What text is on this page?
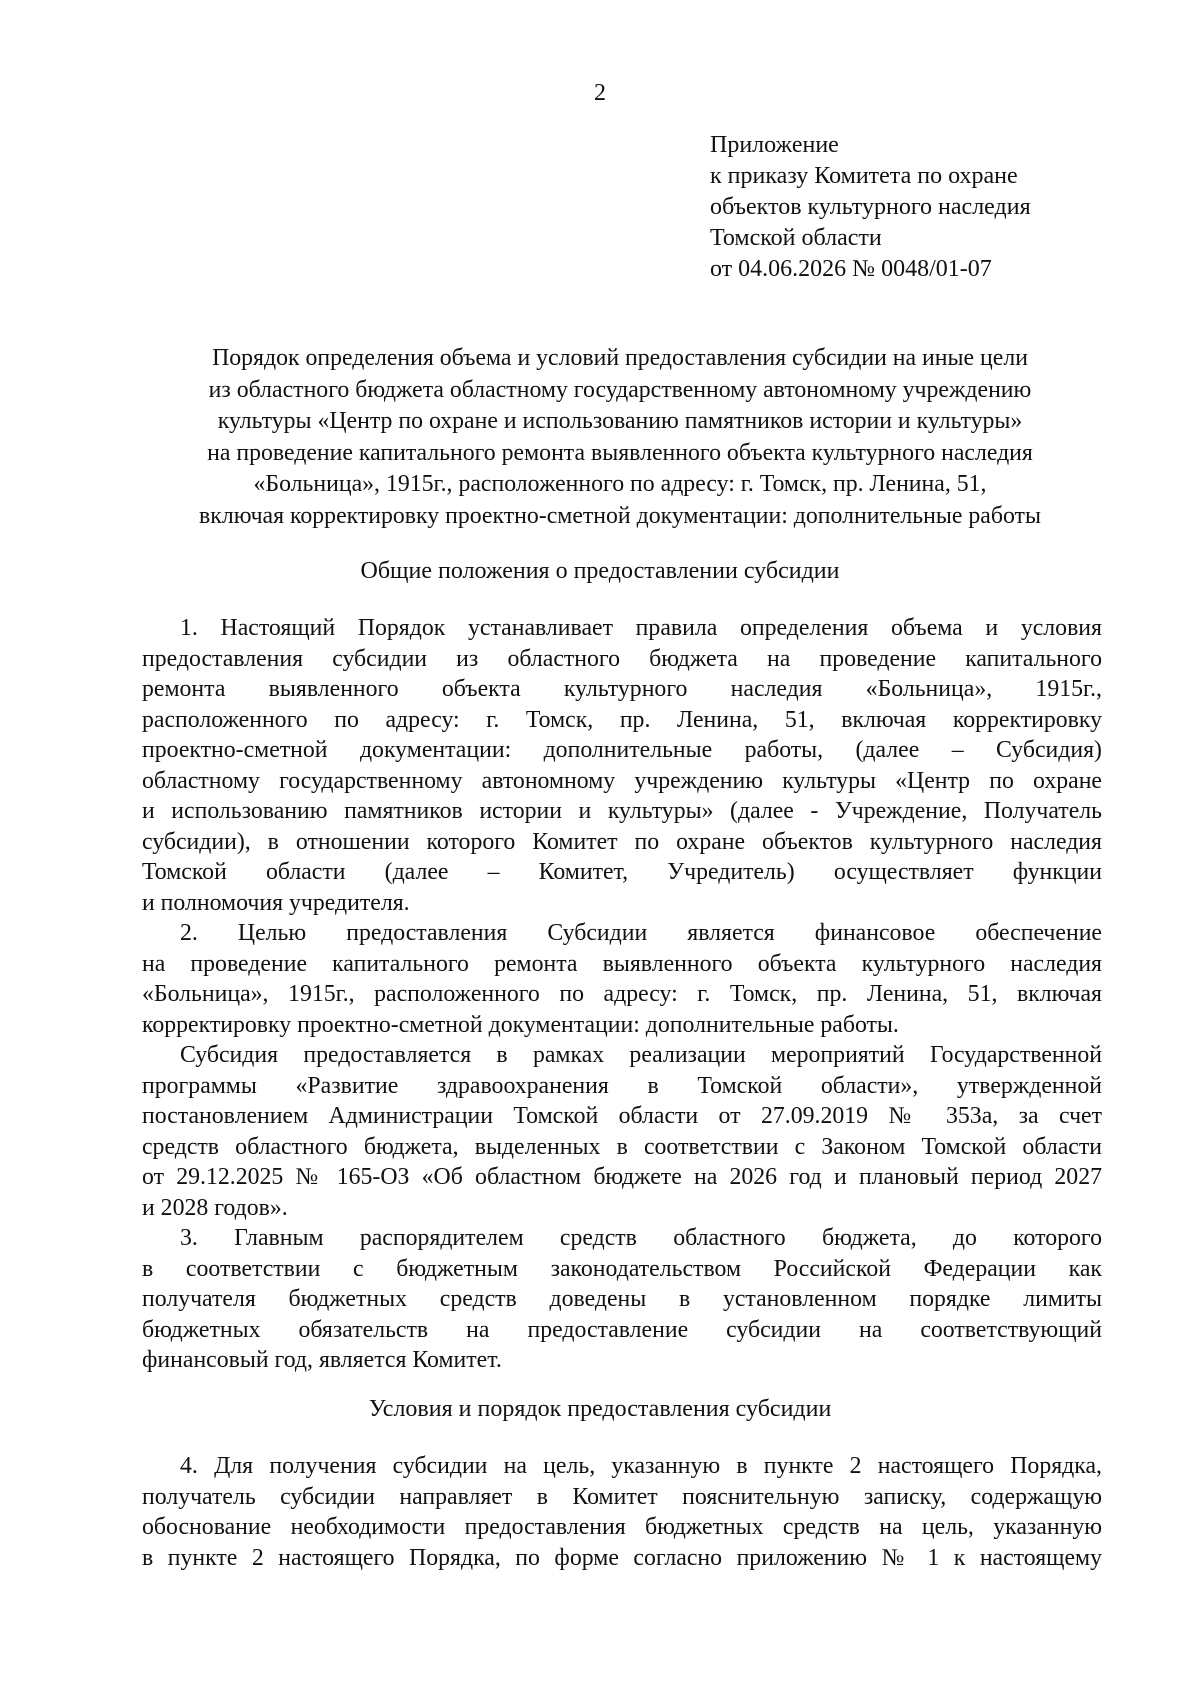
2
Приложение
к приказу Комитета по охране
объектов культурного наследия
Томской области
от 04.06.2026 № 0048/01-07
Порядок определения объема и условий предоставления субсидии на иные цели
из областного бюджета областному государственному автономному учреждению
культуры «Центр по охране и использованию памятников истории и культуры»
на проведение капитального ремонта выявленного объекта культурного наследия
«Больница», 1915г., расположенного по адресу: г. Томск, пр. Ленина, 51,
включая корректировку проектно-сметной документации: дополнительные работы
Общие положения о предоставлении субсидии
1. Настоящий Порядок устанавливает правила определения объема и условия
предоставления субсидии из областного бюджета на проведение капитального
ремонта выявленного объекта культурного наследия «Больница», 1915г.,
расположенного по адресу: г. Томск, пр. Ленина, 51, включая корректировку
проектно-сметной документации: дополнительные работы, (далее – Субсидия)
областному государственному автономному учреждению культуры «Центр по охране
и использованию памятников истории и культуры» (далее - Учреждение, Получатель
субсидии), в отношении которого Комитет по охране объектов культурного наследия
Томской области (далее – Комитет, Учредитель) осуществляет функции
и полномочия учредителя.
2. Целью предоставления Субсидии является финансовое обеспечение
на проведение капитального ремонта выявленного объекта культурного наследия
«Больница», 1915г., расположенного по адресу: г. Томск, пр. Ленина, 51, включая
корректировку проектно-сметной документации: дополнительные работы.
Субсидия предоставляется в рамках реализации мероприятий Государственной
программы «Развитие здравоохранения в Томской области», утвержденной
постановлением Администрации Томской области от 27.09.2019 № 353а, за счет
средств областного бюджета, выделенных в соответствии с Законом Томской области
от 29.12.2025 № 165-ОЗ «Об областном бюджете на 2026 год и плановый период 2027
и 2028 годов».
3. Главным распорядителем средств областного бюджета, до которого
в соответствии с бюджетным законодательством Российской Федерации как
получателя бюджетных средств доведены в установленном порядке лимиты
бюджетных обязательств на предоставление субсидии на соответствующий
финансовый год, является Комитет.
Условия и порядок предоставления субсидии
4. Для получения субсидии на цель, указанную в пункте 2 настоящего Порядка,
получатель субсидии направляет в Комитет пояснительную записку, содержащую
обоснование необходимости предоставления бюджетных средств на цель, указанную
в пункте 2 настоящего Порядка, по форме согласно приложению № 1 к настоящему
